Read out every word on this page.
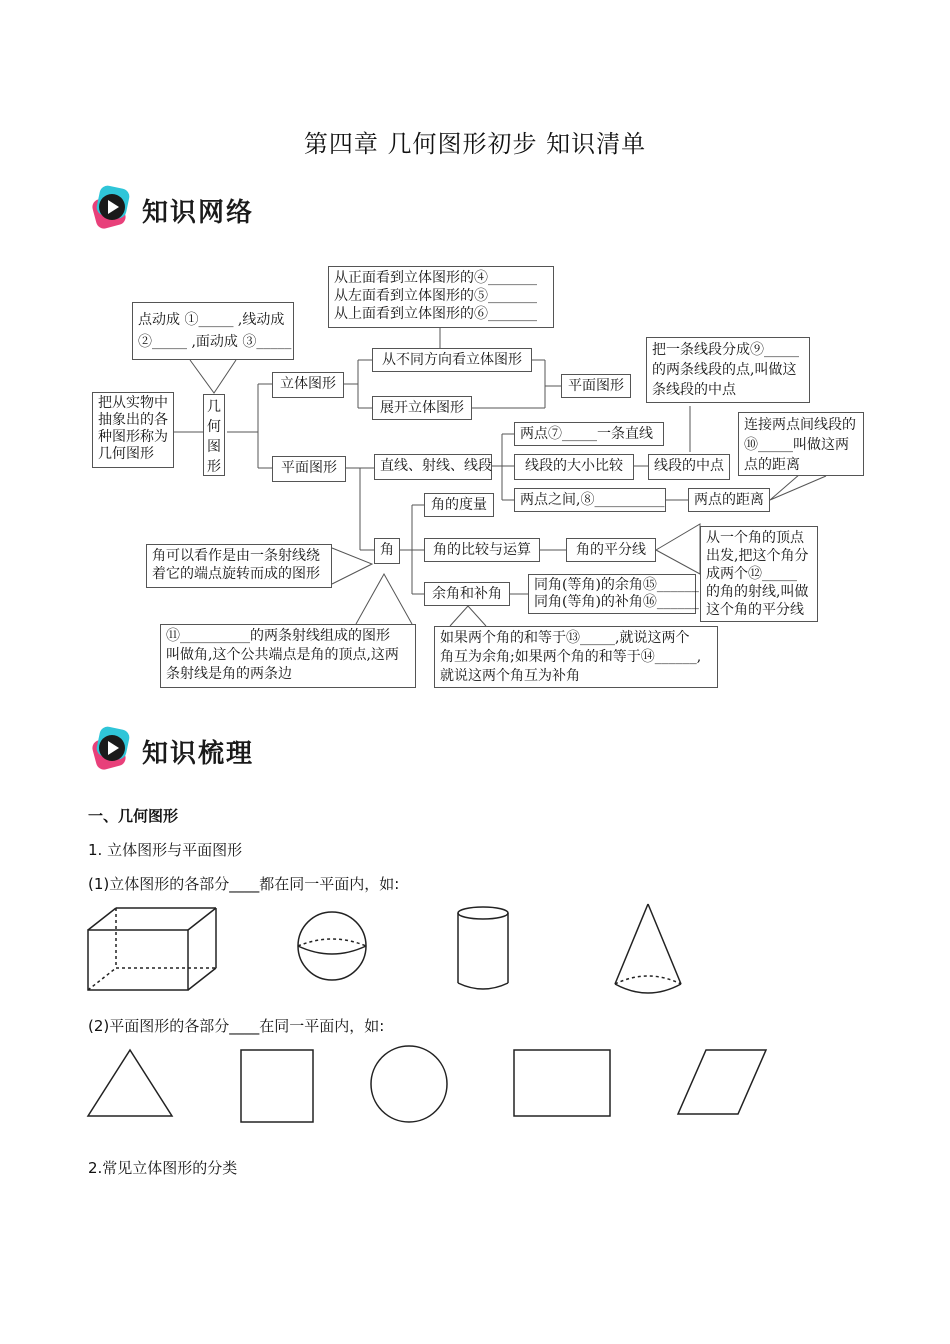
第四章 几何图形初步 知识清单
知识网络
点动成 ①_____ ,线动成
②_____ ,面动成 ③_____
把从实物中
抽象出的各
种图形称为
几何图形
几何图形
立体图形
平面图形
从正面看到立体图形的④_______
从左面看到立体图形的⑤_______
从上面看到立体图形的⑥_______
从不同方向看立体图形
展开立体图形
平面图形
直线、射线、线段
两点⑦_____一条直线
线段的大小比较	线段的中点
两点之间,⑧__________	两点的距离
把一条线段分成⑨_____
的两条线段的点,叫做这
条线段的中点
连接两点间线段的
⑩_____叫做这两
点的距离
角
角的度量
角的比较与运算	角的平分线
从一个角的顶点
出发,把这个角分
成两个⑫_____
的角的射线,叫做
这个角的平分线
余角和补角
同角(等角)的余角⑮______
同角(等角)的补角⑯______
角可以看作是由一条射线绕
着它的端点旋转而成的图形
⑪__________的两条射线组成的图形
叫做角,这个公共端点是角的顶点,这两
条射线是角的两条边
如果两个角的和等于⑬_____,就说这两个
角互为余角;如果两个角的和等于⑭______,
就说这两个角互为补角
知识梳理
一、几何图形
1. 立体图形与平面图形
(1)立体图形的各部分____都在同一平面内，如:
(2)平面图形的各部分____在同一平面内，如:
2.常见立体图形的分类
